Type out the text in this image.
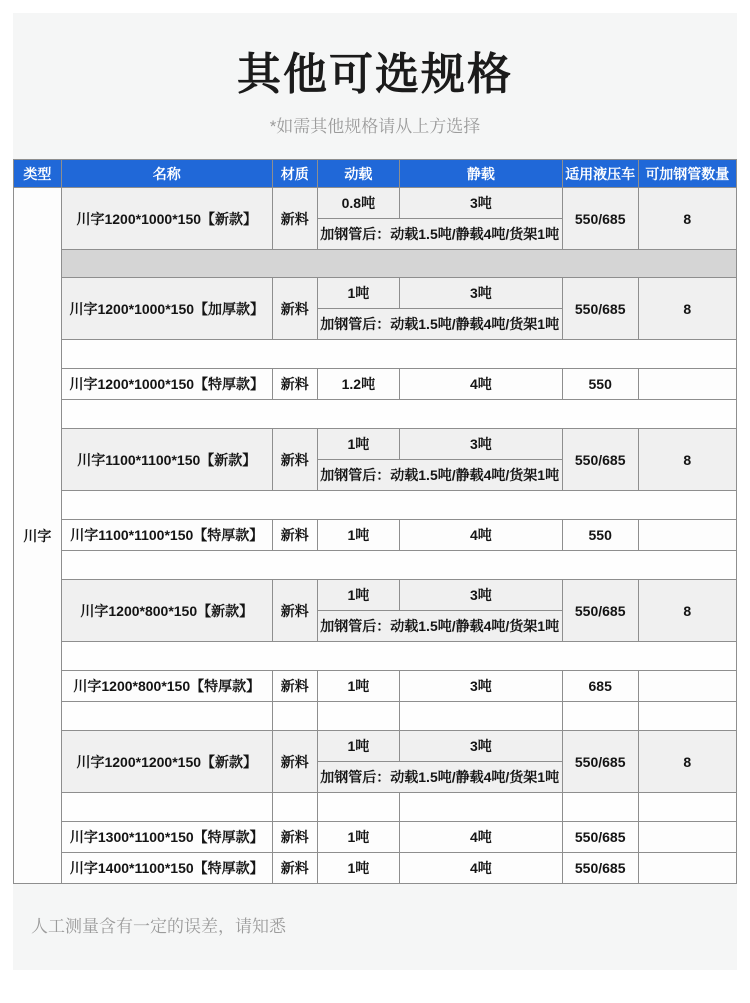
其他可选规格
*如需其他规格请从上方选择
类型	名称	材质	动载	静载	适用液压车	可加钢管数量
川字	川字1200*1000*150【新款】	新料	0.8吨	3吨	550/685	8
			加钢管后：动载1.5吨/静载4吨/货架1吨			

	川字1200*1000*150【加厚款】	新料	1吨	3吨	550/685	8
			加钢管后：动载1.5吨/静载4吨/货架1吨			

	川字1200*1000*150【特厚款】	新料	1.2吨	4吨	550	

	川字1100*1100*150【新款】	新料	1吨	3吨	550/685	8
			加钢管后：动载1.5吨/静载4吨/货架1吨			

	川字1100*1100*150【特厚款】	新料	1吨	4吨	550	

	川字1200*800*150【新款】	新料	1吨	3吨	550/685	8
			加钢管后：动载1.5吨/静载4吨/货架1吨			

	川字1200*800*150【特厚款】	新料	1吨	3吨	685	

	川字1200*1200*150【新款】	新料	1吨	3吨	550/685	8
			加钢管后：动载1.5吨/静载4吨/货架1吨			

	川字1300*1100*150【特厚款】	新料	1吨	4吨	550/685	
	川字1400*1100*150【特厚款】	新料	1吨	4吨	550/685	
人工测量含有一定的误差，请知悉
